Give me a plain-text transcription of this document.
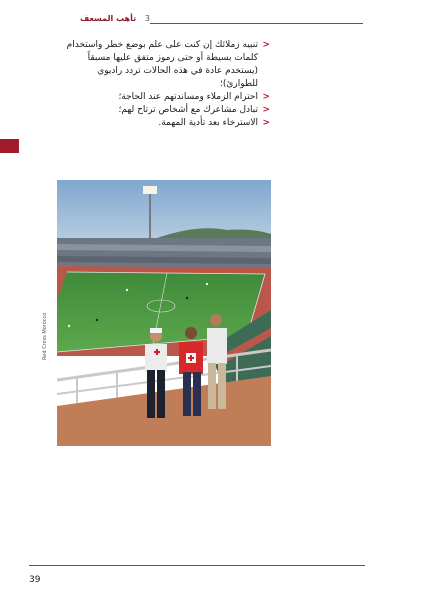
3 تأهب المسعف
<
تنبيه زملائك إن كنت على علم بوضع خطر واستخدام كلمات بسيطة أو حتى رموز متفق عليها مسبقاً (يستخدم عادة في هذه الحالات تردد راديوي للطوارئ)؛
<
احترام الزملاء ومساندتهم عند الحاجة؛
<
تبادل مشاعرك مع أشخاص ترتاح لهم؛
<
الاسترخاء بعد تأدية المهمة.
Red Cross Morocco
39
